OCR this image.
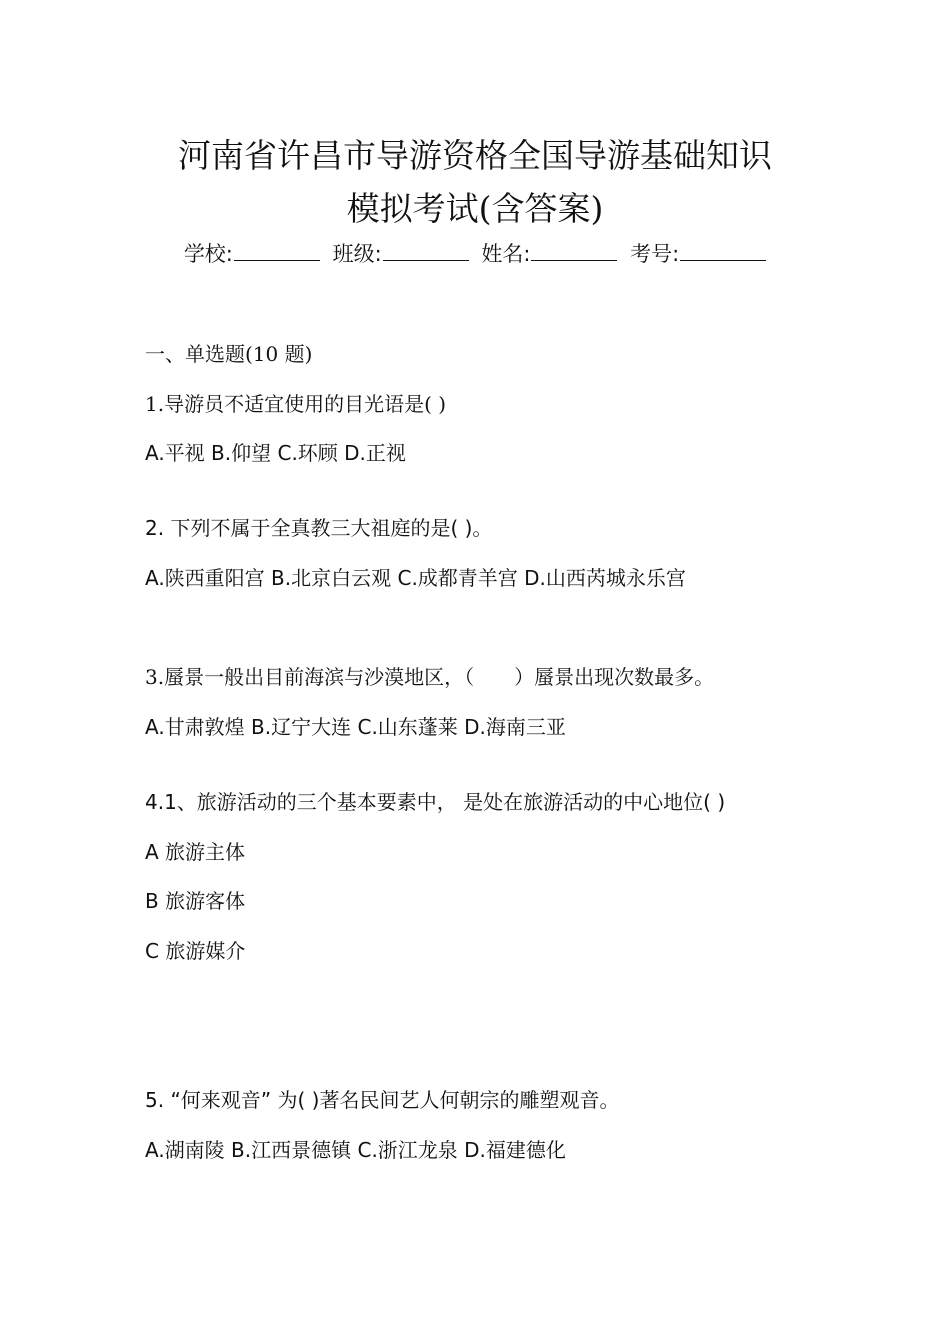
河南省许昌市导游资格全国导游基础知识
模拟考试(含答案)
学校:	班级:	姓名:	考号:
一、单选题(10 题)
1.导游员不适宜使用的目光语是( )
A.平视 B.仰望 C.环顾 D.正视
2. 下列不属于全真教三大祖庭的是( )。
A.陕西重阳宫 B.北京白云观 C.成都青羊宫 D.山西芮城永乐宫
3.蜃景一般出目前海滨与沙漠地区，（　　）蜃景出现次数最多。
A.甘肃敦煌 B.辽宁大连 C.山东蓬莱 D.海南三亚
4.1、旅游活动的三个基本要素中， 是处在旅游活动的中心地位( )
A 旅游主体
B 旅游客体
C 旅游媒介
5. “何来观音” 为( )著名民间艺人何朝宗的雕塑观音。
A.湖南陵 B.江西景德镇 C.浙江龙泉 D.福建德化
